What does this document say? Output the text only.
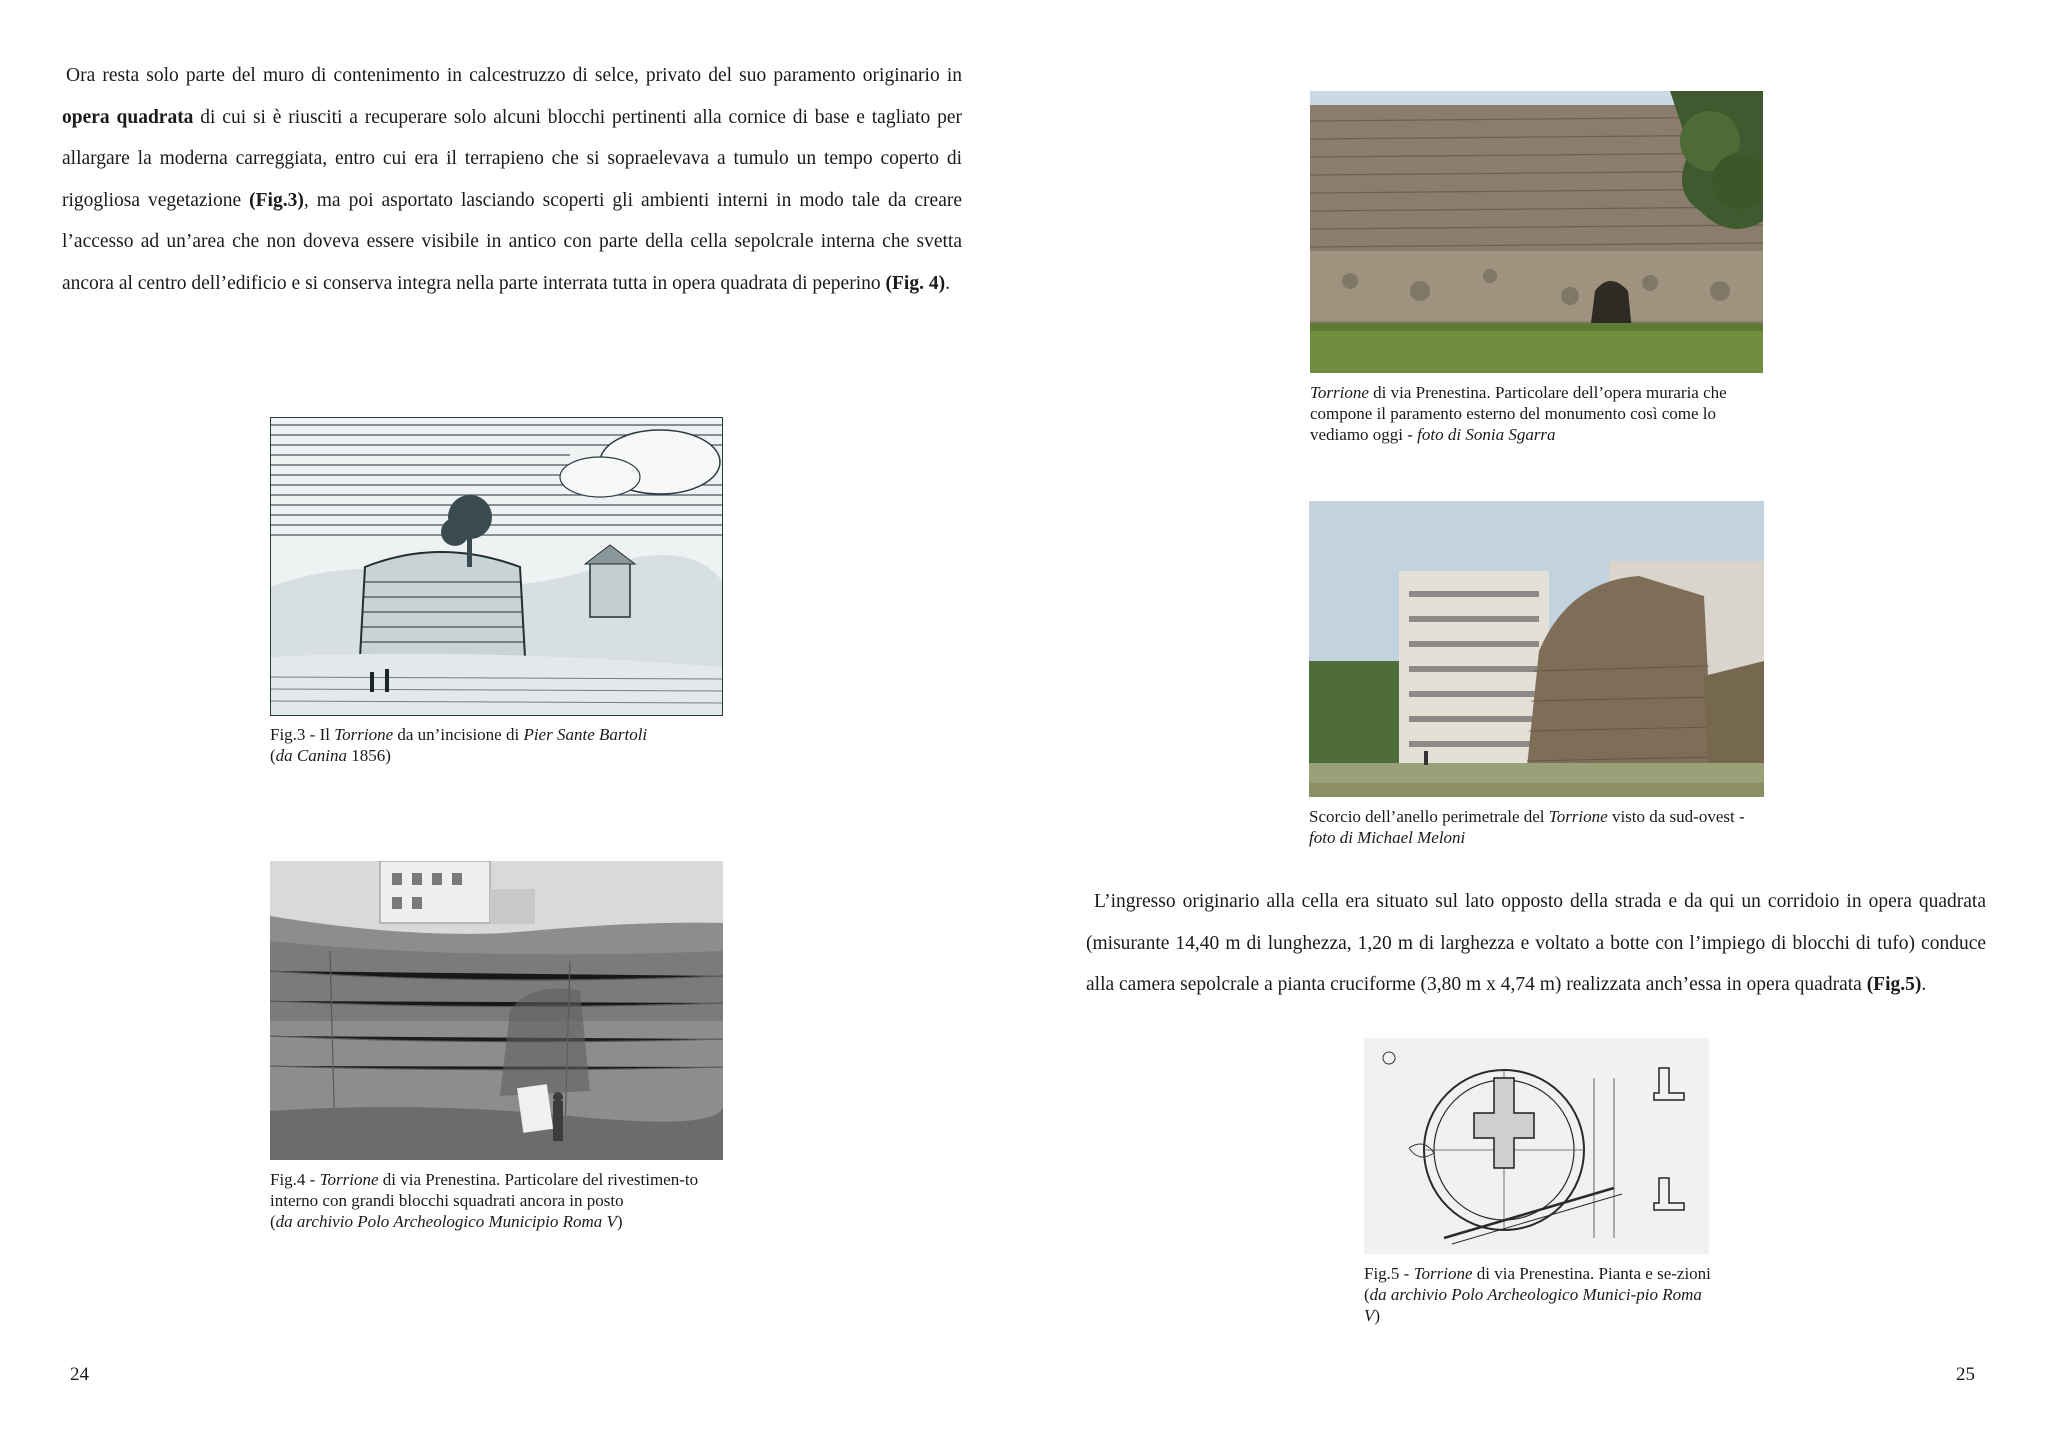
Ora resta solo parte del muro di contenimento in calcestruzzo di selce, privato del suo paramento originario in opera quadrata di cui si è riusciti a recuperare solo alcuni blocchi pertinenti alla cornice di base e tagliato per allargare la moderna carreggiata, entro cui era il terrapieno che si sopraelevava a tumulo un tempo coperto di rigogliosa vegetazione (Fig.3), ma poi asportato lasciando scoperti gli ambienti interni in modo tale da creare l’accesso ad un’area che non doveva essere visibile in antico con parte della cella sepolcrale interna che svetta ancora al centro dell’edificio e si conserva integra nella parte interrata tutta in opera quadrata di peperino (Fig. 4).

Fig.3 - Il Torrione da un’incisione di Pier Sante Bartoli
(da Canina 1856)

Fig.4 - Torrione di via Prenestina. Particolare del rivestimen-to interno con grandi blocchi squadrati ancora in posto
(da archivio Polo Archeologico Municipio Roma V)

24

Torrione di via Prenestina. Particolare dell’opera muraria che compone il paramento esterno del monumento così come lo vediamo oggi - foto di Sonia Sgarra

Scorcio dell’anello perimetrale del Torrione visto da sud-ovest - foto di Michael Meloni

L’ingresso originario alla cella era situato sul lato opposto della strada e da qui un corridoio in opera quadrata (misurante 14,40 m di lunghezza, 1,20 m di larghezza e voltato a botte con l’impiego di blocchi di tufo) conduce alla camera sepolcrale a pianta cruciforme (3,80 m x 4,74 m) realizzata anch’essa in opera quadrata (Fig.5).

Fig.5 - Torrione di via Prenestina. Pianta e se-zioni (da archivio Polo Archeologico Munici-pio Roma V)

25
